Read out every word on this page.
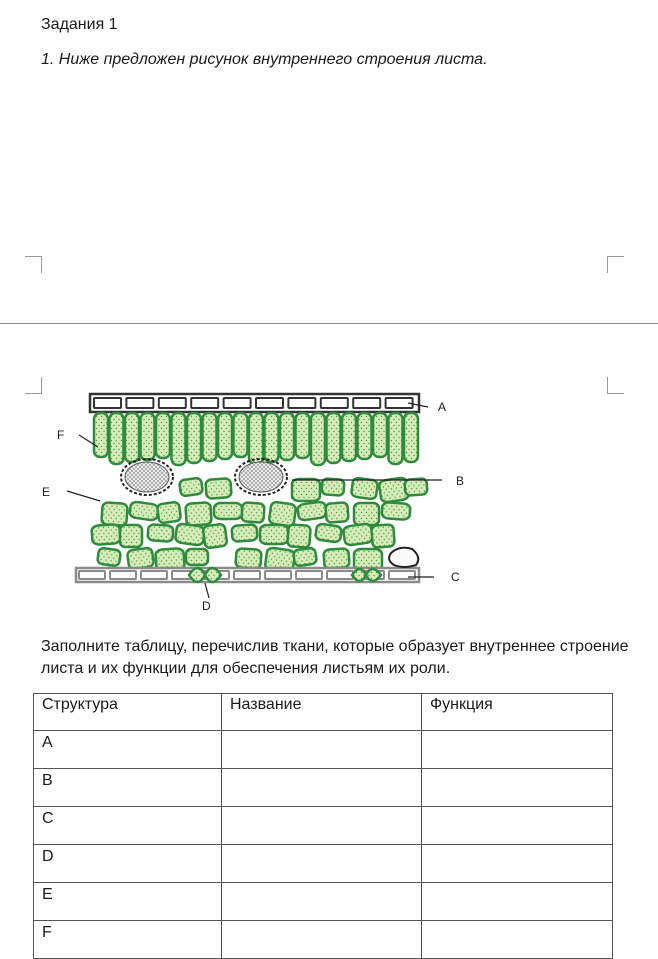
Задания 1
1. Ниже предложен рисунок внутреннего строения листа.
A
B
C
D
E
F
Заполните таблицу, перечислив ткани, которые образует внутреннее строение листа и их функции для обеспечения листьям их роли.
Структура	Название	Функция
A		
B		
C		
D		
E		
F		
